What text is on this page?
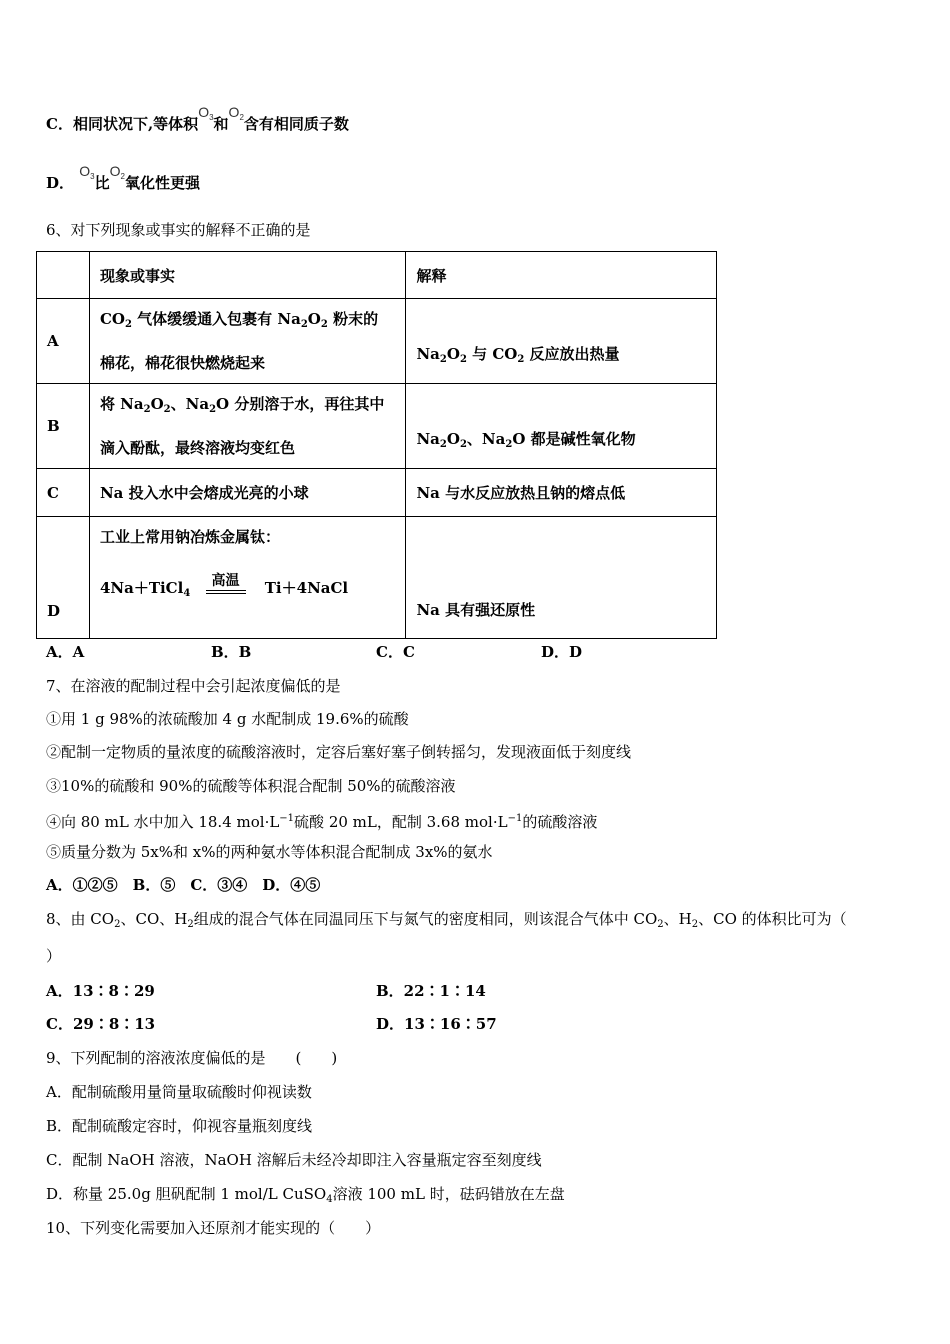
C．相同状况下,等体积$O_3$和$O_2$含有相同质子数
D． $O_3$比$O_2$氧化性更强
6、对下列现象或事实的解释不正确的是
	现象或事实	解释
A	$CO_2$ 气体缓缓通入包裹有 $Na_2O_2$ 粉末的
棉花，棉花很快燃烧起来	$Na_2O_2$ 与 $CO_2$ 反应放出热量
B	将 $Na_2O_2$、$Na_2O$ 分别溶于水，再往其中
滴入酚酞，最终溶液均变红色	$Na_2O_2$、$Na_2O$ 都是碱性氧化物
C	Na 投入水中会熔成光亮的小球	Na 与水反应放热且钠的熔点低
D	工业上常用钠冶炼金属钛：
4Na＋TiCl$_4$
高温 Ti＋4NaCl	Na 具有强还原性
A．A	B．B	C．C	D．D
7、在溶液的配制过程中会引起浓度偏低的是
①用 1 g 98%的浓硫酸加 4 g 水配制成 19.6%的硫酸
②配制一定物质的量浓度的硫酸溶液时，定容后塞好塞子倒转摇匀，发现液面低于刻度线
③10%的硫酸和 90%的硫酸等体积混合配制 50%的硫酸溶液
④向 80 mL 水中加入 18.4 $mol\cdot L^{-1}$硫酸 20 mL，配制 3.68 $mol\cdot L^{-1}$的硫酸溶液
⑤质量分数为 5x%和 x%的两种氨水等体积混合配制成 3x%的氨水
A．①②⑤　B．⑤　C．③④　D．④⑤
8、由 $CO_2$、CO、$H_2$组成的混合气体在同温同压下与氮气的密度相同，则该混合气体中 $CO_2$、$H_2$、CO 的体积比可为（
）
A．13∶8∶29	B．22∶1∶14
C．29∶8∶13	D．13∶16∶57
9、下列配制的溶液浓度偏低的是　　(　　)
A．配制硫酸用量筒量取硫酸时仰视读数
B．配制硫酸定容时，仰视容量瓶刻度线
C．配制 NaOH 溶液，NaOH 溶解后未经冷却即注入容量瓶定容至刻度线
D．称量 25.0g 胆矾配制 1 mol/L CuSO$_4$溶液 100 mL 时，砝码错放在左盘
10、下列变化需要加入还原剂才能实现的（　　）
